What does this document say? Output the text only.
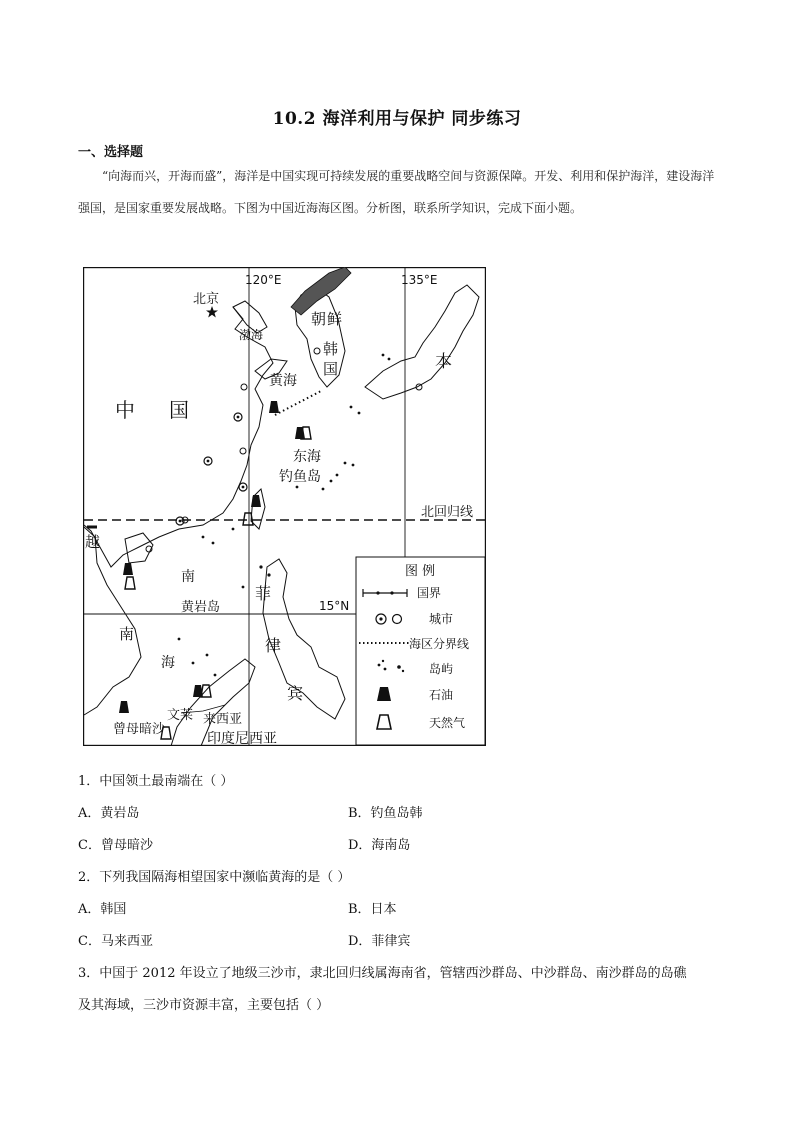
10.2 海洋利用与保护 同步练习
一、选择题
“向海而兴，开海而盛”，海洋是中国实现可持续发展的重要战略空间与资源保障。开发、利用和保护海洋，建设海洋强国，是国家重要发展战略。下图为中国近海海区图。分析图，联系所学知识，完成下面小题。
120°E	135°E
15°N
北回归线
北京
渤海
朝 鲜
韩
国
黄海
本
中 国
东海
钓鱼岛
越
南
黄岩岛
菲
律
宾
南
海
文莱 来西亚
曾母暗沙
印度尼西亚
图 例
国界
城市
海区分界线
岛屿
石油
天然气
1．中国领土最南端在（ ）
A．黄岩岛	B．钓鱼岛韩
C．曾母暗沙	D．海南岛
2．下列我国隔海相望国家中濒临黄海的是（ ）
A．韩国	B．日本
C．马来西亚	D．菲律宾
3．中国于 2012 年设立了地级三沙市，隶北回归线属海南省，管辖西沙群岛、中沙群岛、南沙群岛的岛礁
及其海域，三沙市资源丰富，主要包括（ ）
